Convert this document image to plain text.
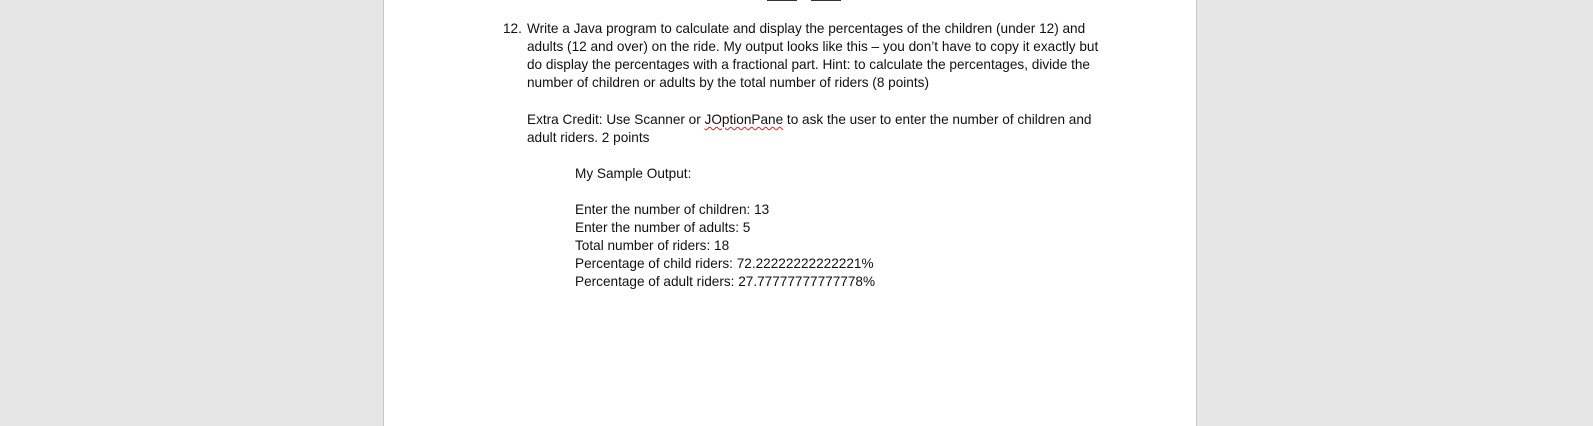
12. Write a Java program to calculate and display the percentages of the children (under 12) and
adults (12 and over) on the ride. My output looks like this – you don’t have to copy it exactly but
do display the percentages with a fractional part. Hint: to calculate the percentages, divide the
number of children or adults by the total number of riders (8 points)
Extra Credit: Use Scanner or JOptionPane to ask the user to enter the number of children and
adult riders. 2 points
My Sample Output:
Enter the number of children: 13
Enter the number of adults: 5
Total number of riders: 18
Percentage of child riders: 72.22222222222221%
Percentage of adult riders: 27.77777777777778%
